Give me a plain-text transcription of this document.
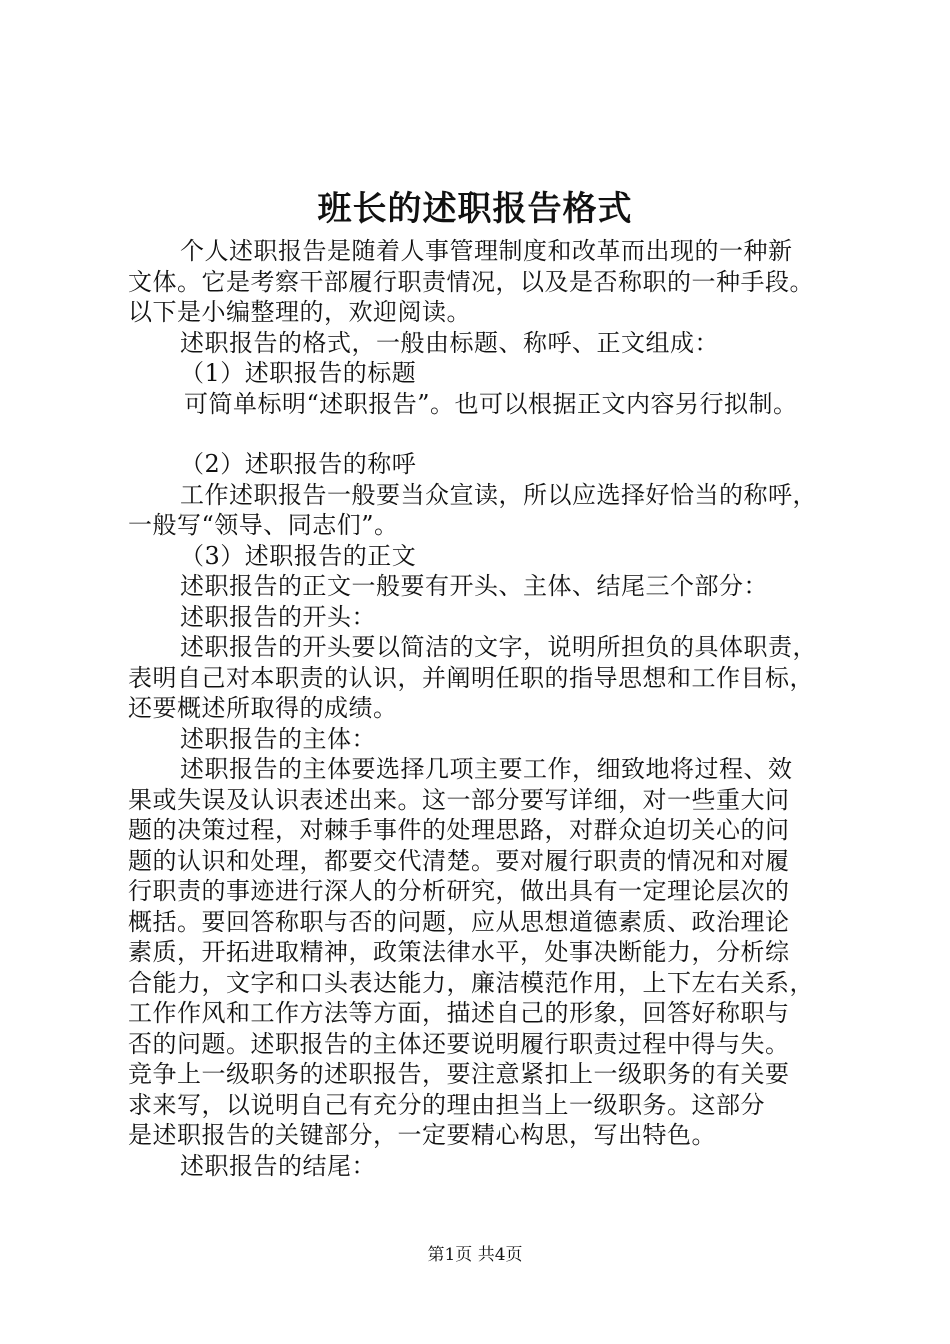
班长的述职报告格式

个人述职报告是随着人事管理制度和改革而出现的一种新

文体。它是考察干部履行职责情况，以及是否称职的一种手段。

以下是小编整理的，欢迎阅读。

述职报告的格式，一般由标题、称呼、正文组成：

（1）述职报告的标题

可简单标明“述职报告”。也可以根据正文内容另行拟制。

（2）述职报告的称呼

工作述职报告一般要当众宣读，所以应选择好恰当的称呼，

一般写“领导、同志们”。

（3）述职报告的正文

述职报告的正文一般要有开头、主体、结尾三个部分：

述职报告的开头：

述职报告的开头要以简洁的文字，说明所担负的具体职责，

表明自己对本职责的认识，并阐明任职的指导思想和工作目标，

还要概述所取得的成绩。

述职报告的主体：

述职报告的主体要选择几项主要工作，细致地将过程、效

果或失误及认识表述出来。这一部分要写详细，对一些重大问

题的决策过程，对棘手事件的处理思路，对群众迫切关心的问

题的认识和处理，都要交代清楚。要对履行职责的情况和对履

行职责的事迹进行深人的分析研究，做出具有一定理论层次的

概括。要回答称职与否的问题，应从思想道德素质、政治理论

素质，开拓进取精神，政策法律水平，处事决断能力，分析综

合能力，文字和口头表达能力，廉洁模范作用，上下左右关系，

工作作风和工作方法等方面，描述自己的形象，回答好称职与

否的问题。述职报告的主体还要说明履行职责过程中得与失。

竞争上一级职务的述职报告，要注意紧扣上一级职务的有关要

求来写，以说明自己有充分的理由担当上一级职务。这部分

是述职报告的关键部分，一定要精心构思，写出特色。

述职报告的结尾：

第1页 共4页
